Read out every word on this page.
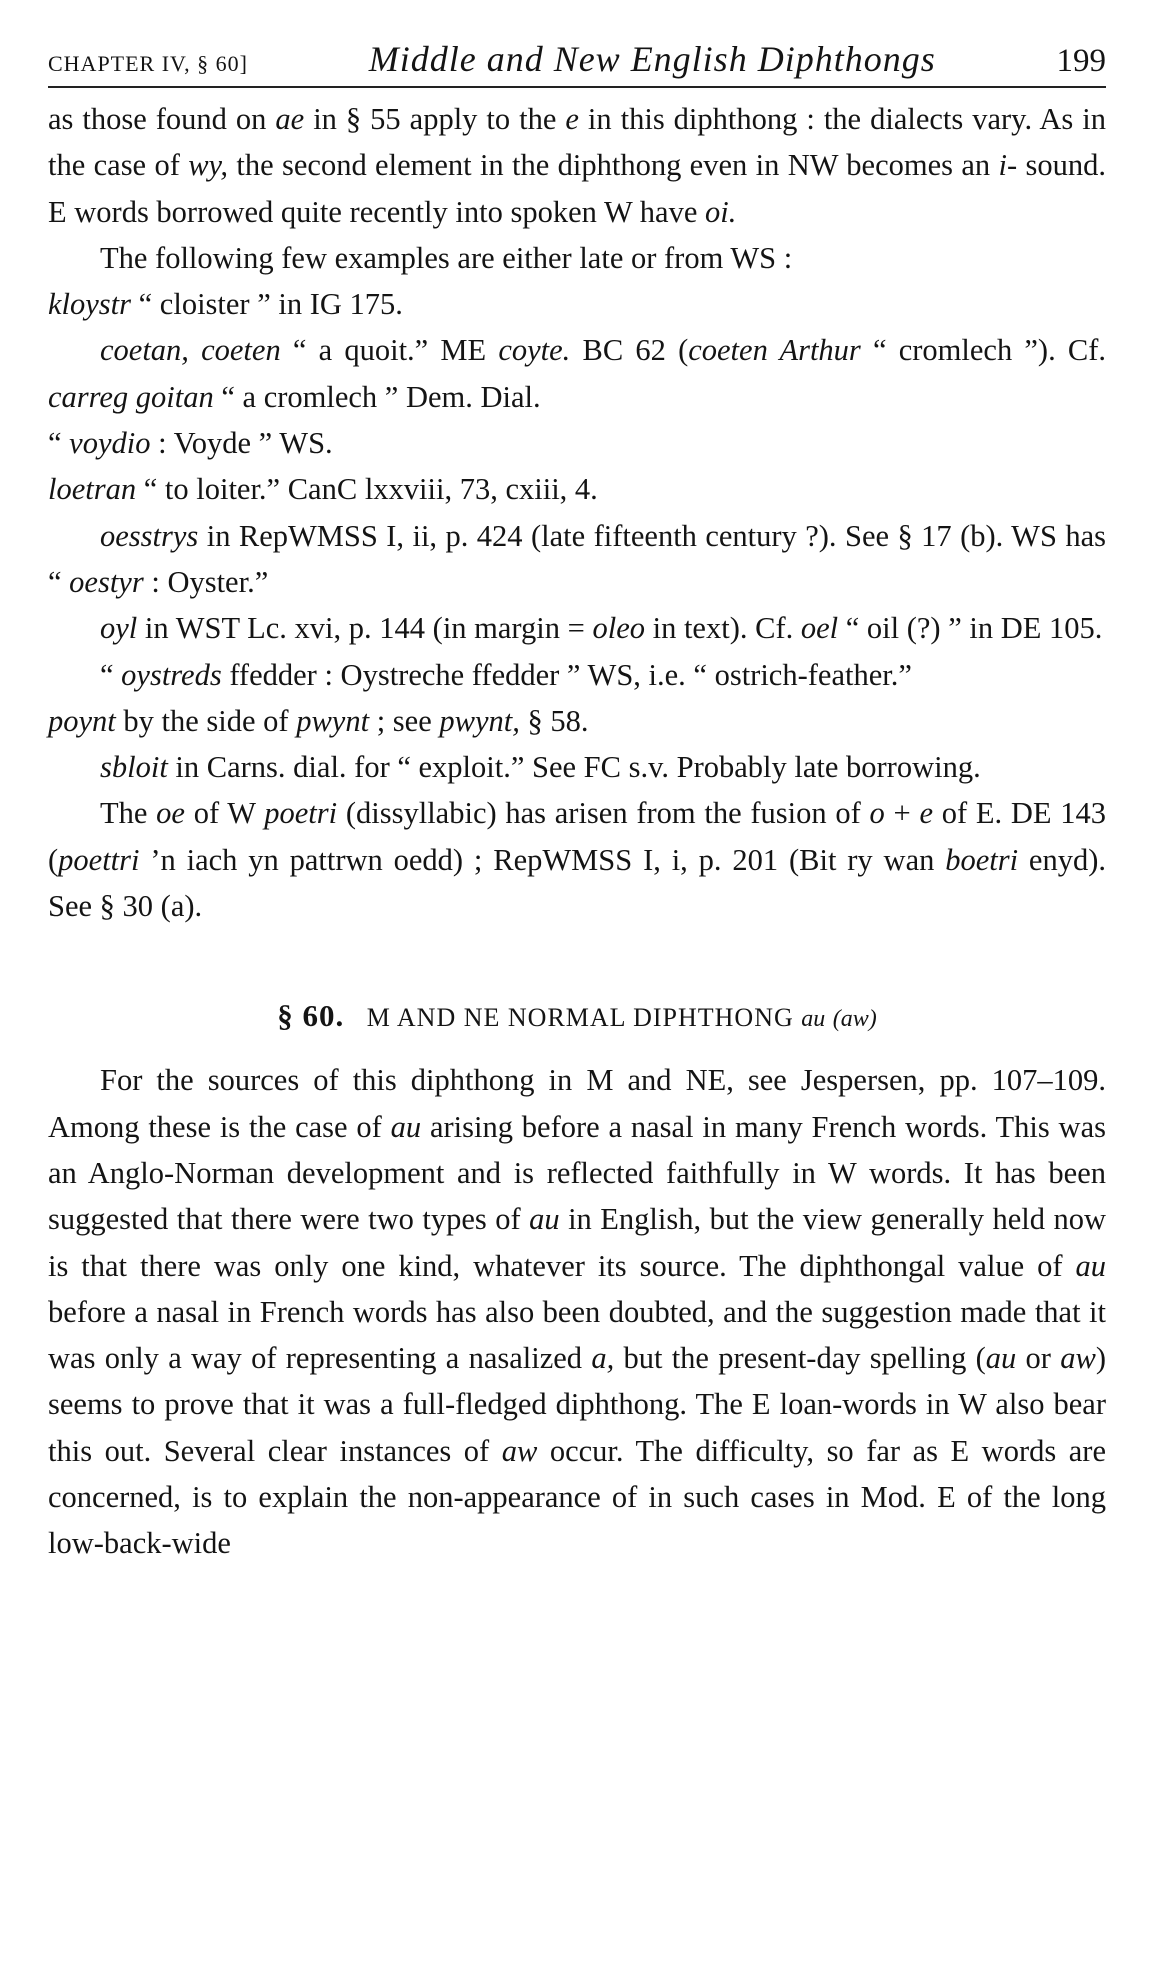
CHAPTER IV, § 60]	Middle and New English Diphthongs	199

as those found on ae in § 55 apply to the e in this diphthong : the dialects vary. As in the case of wy, the second element in the diphthong even in NW becomes an i- sound. E words borrowed quite recently into spoken W have oi.

The following few examples are either late or from WS :

kloystr “ cloister ” in IG 175.

coetan, coeten “ a quoit.” ME coyte. BC 62 (coeten Arthur “ cromlech ”). Cf. carreg goitan “ a cromlech ” Dem. Dial.

“ voydio : Voyde ” WS.

loetran “ to loiter.” CanC lxxviii, 73, cxiii, 4.

oesstrys in RepWMSS I, ii, p. 424 (late fifteenth century ?). See § 17 (b). WS has “ oestyr : Oyster.”

oyl in WST Lc. xvi, p. 144 (in margin = oleo in text). Cf. oel “ oil (?) ” in DE 105.

“ oystreds ffedder : Oystreche ffedder ” WS, i.e. “ ostrich-feather.”

poynt by the side of pwynt ; see pwynt, § 58.

sbloit in Carns. dial. for “ exploit.” See FC s.v. Probably late borrowing.

The oe of W poetri (dissyllabic) has arisen from the fusion of o + e of E. DE 143 (poettri ’n iach yn pattrwn oedd) ; RepWMSS I, i, p. 201 (Bit ry wan boetri enyd). See § 30 (a).

§ 60. M AND NE NORMAL DIPHTHONG au (aw)

For the sources of this diphthong in M and NE, see Jespersen, pp. 107–109. Among these is the case of au arising before a nasal in many French words. This was an Anglo-Norman development and is reflected faithfully in W words. It has been suggested that there were two types of au in English, but the view generally held now is that there was only one kind, whatever its source. The diphthongal value of au before a nasal in French words has also been doubted, and the suggestion made that it was only a way of representing a nasalized a, but the present-day spelling (au or aw) seems to prove that it was a full-fledged diphthong. The E loan-words in W also bear this out. Several clear instances of aw occur. The difficulty, so far as E words are concerned, is to explain the non-appearance of in such cases in Mod. E of the long low-back-wide
